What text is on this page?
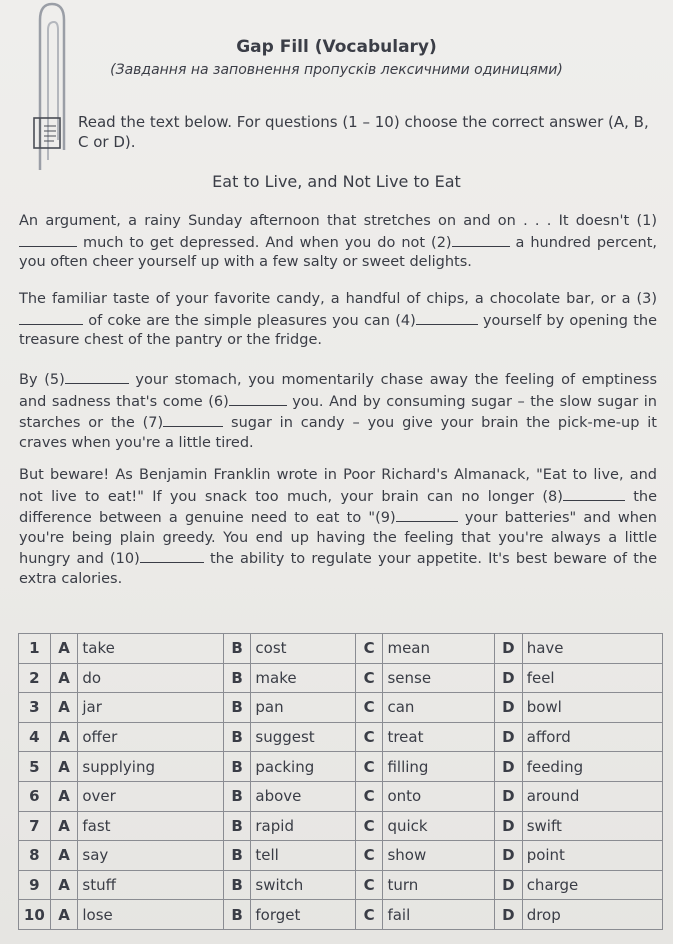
Gap Fill (Vocabulary)
(Завдання на заповнення пропусків лексичними одиницями)
Read the text below. For questions (1 – 10) choose the correct answer (A, B, C or D).
Eat to Live, and Not Live to Eat
An argument, a rainy Sunday afternoon that stretches on and on . . . It doesn't (1) much to get depressed. And when you do not (2)	a hundred percent, you often cheer yourself up with a few salty or sweet delights.
The familiar taste of your favorite candy, a handful of chips, a chocolate bar, or a (3) of coke are the simple pleasures you can (4)	yourself by opening the treasure chest of the pantry or the fridge.
By (5)	your stomach, you momentarily chase away the feeling of emptiness and sadness that's come (6)	you. And by consuming sugar – the slow sugar in starches or the (7)	sugar in candy – you give your brain the pick-me-up it craves when you're a little tired.
But beware! As Benjamin Franklin wrote in Poor Richard's Almanack, "Eat to live, and not live to eat!" If you snack too much, your brain can no longer (8)	the difference between a genuine need to eat to "(9)	your batteries" and when you're being plain greedy. You end up having the feeling that you're always a little hungry and (10)	the ability to regulate your appetite. It's best beware of the extra calories.
1	A	take	B	cost	C	mean	D	have
2	A	do	B	make	C	sense	D	feel
3	A	jar	B	pan	C	can	D	bowl
4	A	offer	B	suggest	C	treat	D	afford
5	A	supplying	B	packing	C	filling	D	feeding
6	A	over	B	above	C	onto	D	around
7	A	fast	B	rapid	C	quick	D	swift
8	A	say	B	tell	C	show	D	point
9	A	stuff	B	switch	C	turn	D	charge
10	A	lose	B	forget	C	fail	D	drop
